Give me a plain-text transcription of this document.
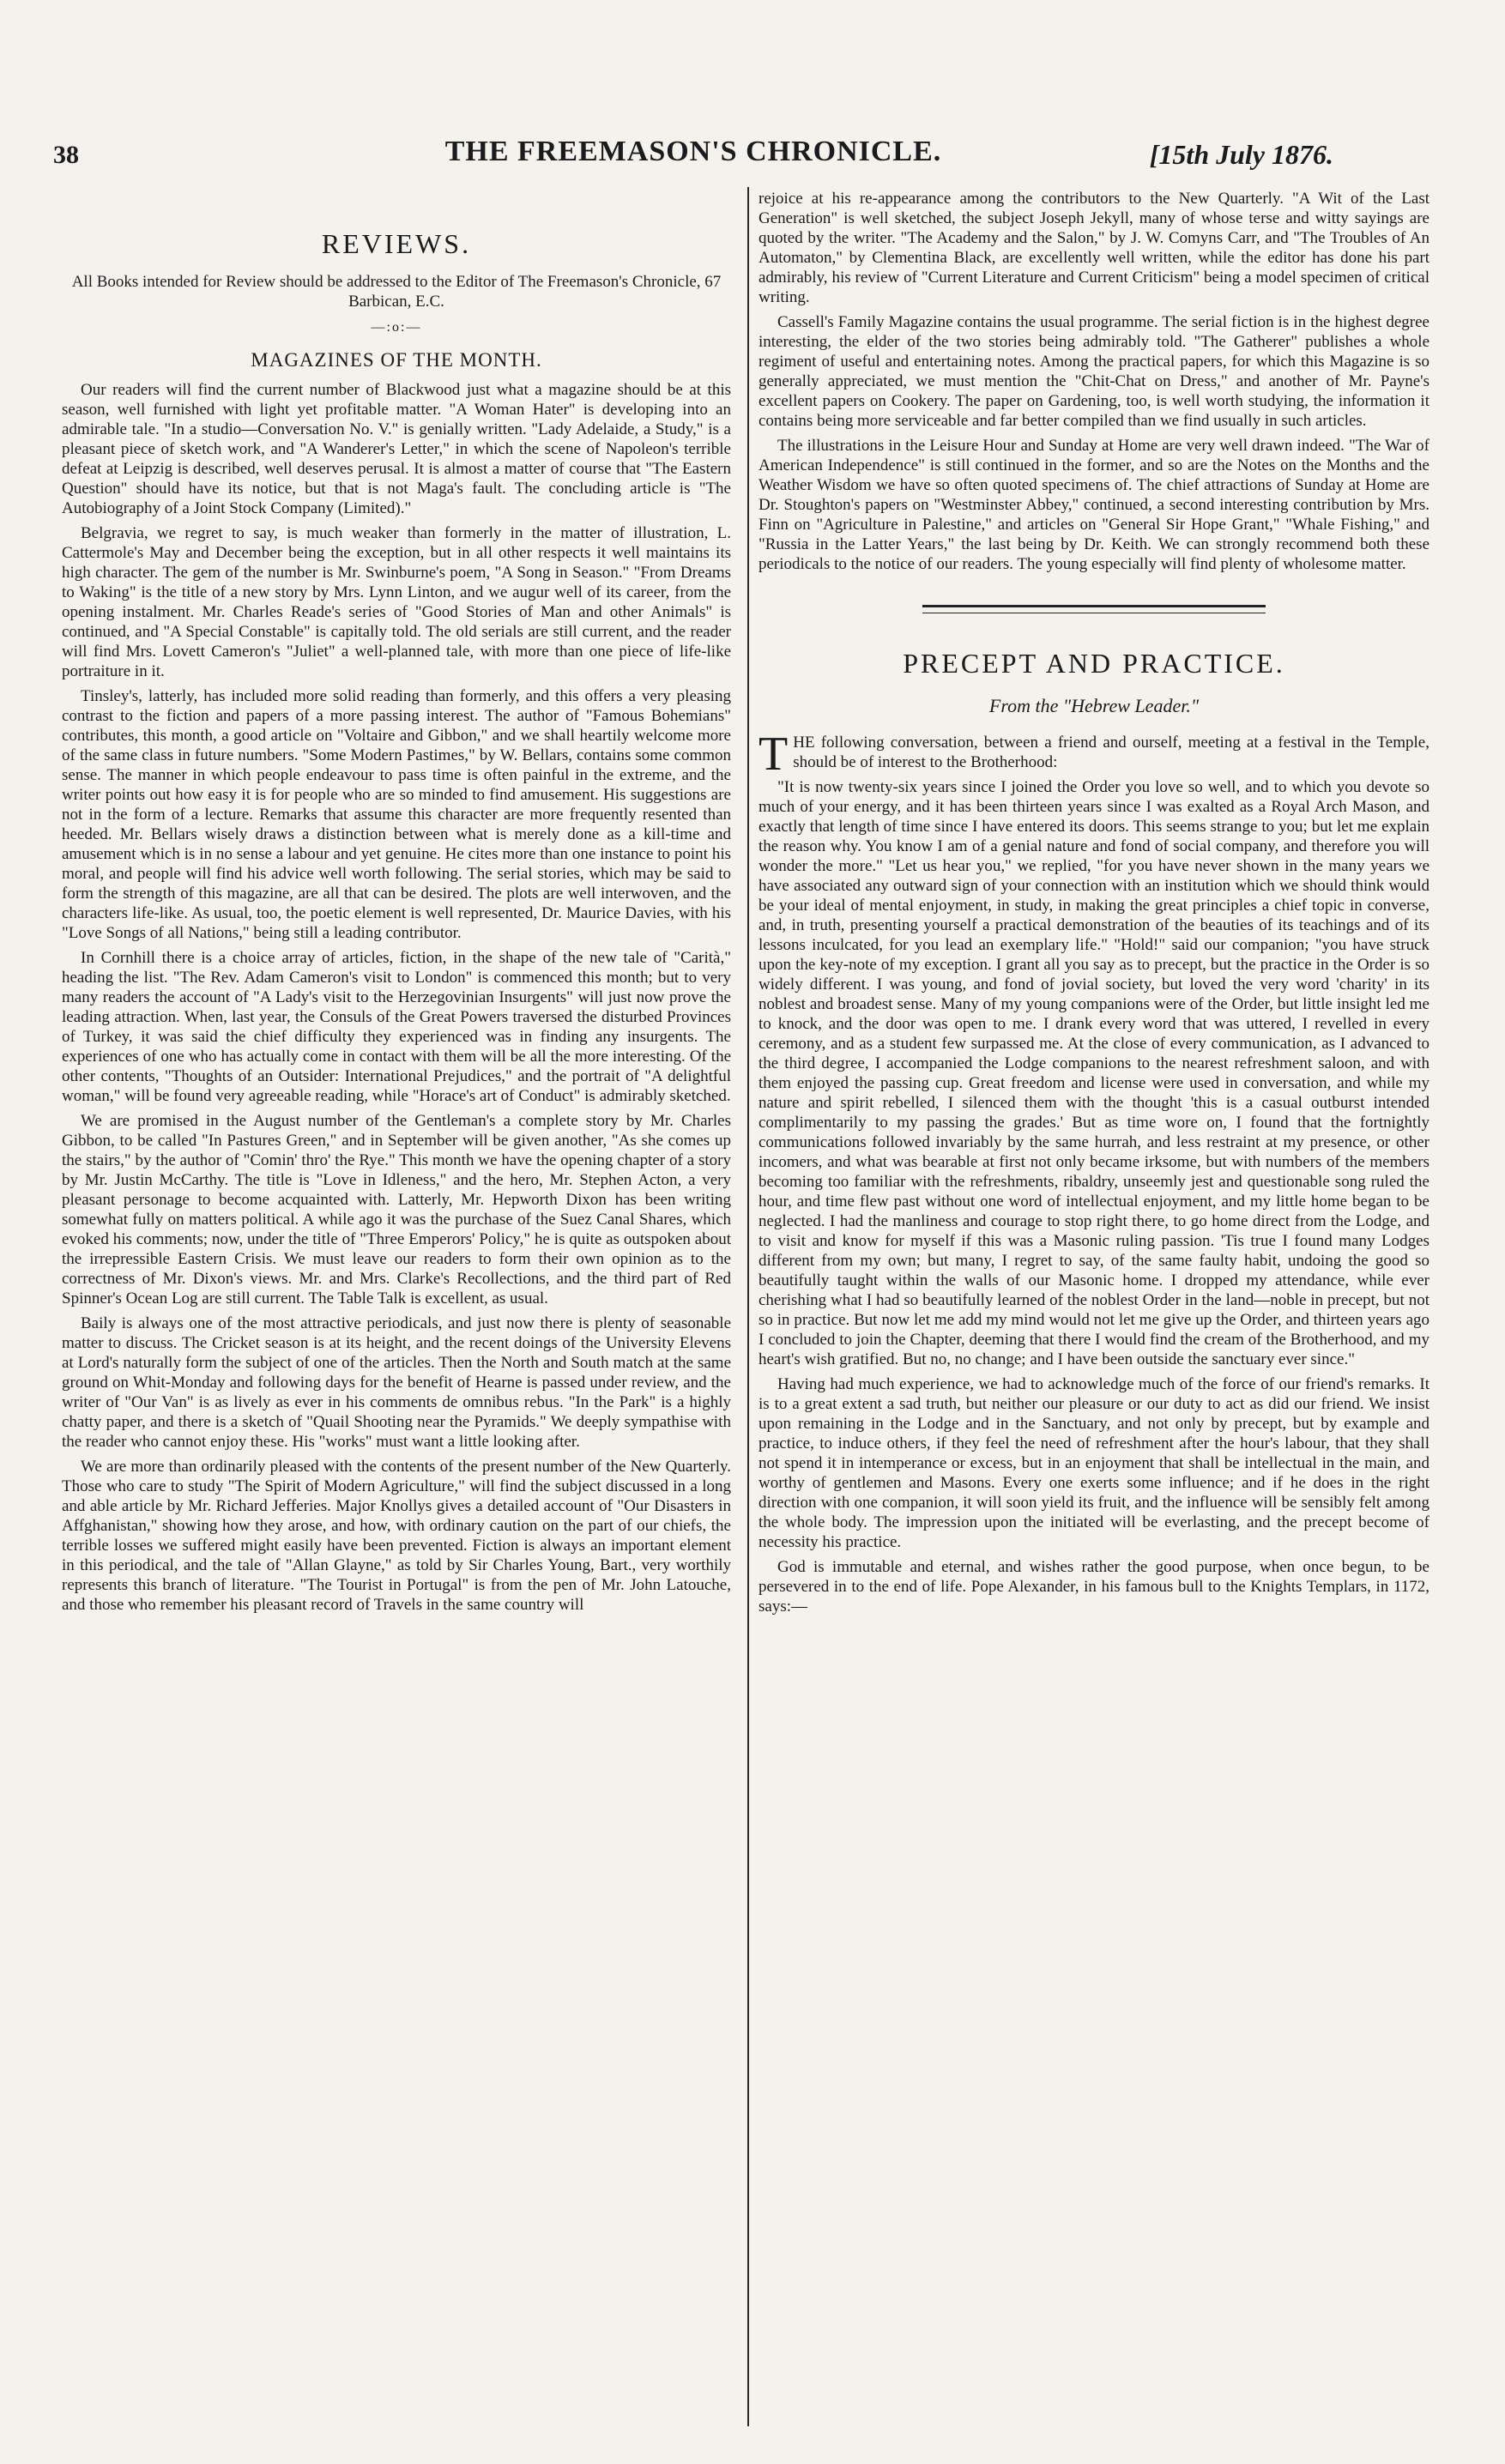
38	THE FREEMASON'S CHRONICLE.	[15th July 1876.
REVIEWS.
All Books intended for Review should be addressed to the Editor of The Freemason's Chronicle, 67 Barbican, E.C.
—:o:—
MAGAZINES OF THE MONTH.

Our readers will find the current number of Blackwood just what a magazine should be at this season, well furnished with light yet profitable matter. "A Woman Hater" is developing into an admirable tale. "In a studio—Conversation No. V." is genially written. "Lady Adelaide, a Study," is a pleasant piece of sketch work, and "A Wanderer's Letter," in which the scene of Napoleon's terrible defeat at Leipzig is described, well deserves perusal. It is almost a matter of course that "The Eastern Question" should have its notice, but that is not Maga's fault. The concluding article is "The Autobiography of a Joint Stock Company (Limited)."

Belgravia, we regret to say, is much weaker than formerly in the matter of illustration, L. Cattermole's May and December being the exception, but in all other respects it well maintains its high character. The gem of the number is Mr. Swinburne's poem, "A Song in Season." "From Dreams to Waking" is the title of a new story by Mrs. Lynn Linton, and we augur well of its career, from the opening instalment. Mr. Charles Reade's series of "Good Stories of Man and other Animals" is continued, and "A Special Constable" is capitally told. The old serials are still current, and the reader will find Mrs. Lovett Cameron's "Juliet" a well-planned tale, with more than one piece of life-like portraiture in it.

Tinsley's, latterly, has included more solid reading than formerly, and this offers a very pleasing contrast to the fiction and papers of a more passing interest. The author of "Famous Bohemians" contributes, this month, a good article on "Voltaire and Gibbon," and we shall heartily welcome more of the same class in future numbers. "Some Modern Pastimes," by W. Bellars, contains some common sense. The manner in which people endeavour to pass time is often painful in the extreme, and the writer points out how easy it is for people who are so minded to find amusement. His suggestions are not in the form of a lecture. Remarks that assume this character are more frequently resented than heeded. Mr. Bellars wisely draws a distinction between what is merely done as a kill-time and amusement which is in no sense a labour and yet genuine. He cites more than one instance to point his moral, and people will find his advice well worth following. The serial stories, which may be said to form the strength of this magazine, are all that can be desired. The plots are well interwoven, and the characters life-like. As usual, too, the poetic element is well represented, Dr. Maurice Davies, with his "Love Songs of all Nations," being still a leading contributor.

In Cornhill there is a choice array of articles, fiction, in the shape of the new tale of "Carità," heading the list. "The Rev. Adam Cameron's visit to London" is commenced this month; but to very many readers the account of "A Lady's visit to the Herzegovinian Insurgents" will just now prove the leading attraction. When, last year, the Consuls of the Great Powers traversed the disturbed Provinces of Turkey, it was said the chief difficulty they experienced was in finding any insurgents. The experiences of one who has actually come in contact with them will be all the more interesting. Of the other contents, "Thoughts of an Outsider: International Prejudices," and the portrait of "A delightful woman," will be found very agreeable reading, while "Horace's art of Conduct" is admirably sketched.

We are promised in the August number of the Gentleman's a complete story by Mr. Charles Gibbon, to be called "In Pastures Green," and in September will be given another, "As she comes up the stairs," by the author of "Comin' thro' the Rye." This month we have the opening chapter of a story by Mr. Justin McCarthy. The title is "Love in Idleness," and the hero, Mr. Stephen Acton, a very pleasant personage to become acquainted with. Latterly, Mr. Hepworth Dixon has been writing somewhat fully on matters political. A while ago it was the purchase of the Suez Canal Shares, which evoked his comments; now, under the title of "Three Emperors' Policy," he is quite as outspoken about the irrepressible Eastern Crisis. We must leave our readers to form their own opinion as to the correctness of Mr. Dixon's views. Mr. and Mrs. Clarke's Recollections, and the third part of Red Spinner's Ocean Log are still current. The Table Talk is excellent, as usual.

Baily is always one of the most attractive periodicals, and just now there is plenty of seasonable matter to discuss. The Cricket season is at its height, and the recent doings of the University Elevens at Lord's naturally form the subject of one of the articles. Then the North and South match at the same ground on Whit-Monday and following days for the benefit of Hearne is passed under review, and the writer of "Our Van" is as lively as ever in his comments de omnibus rebus. "In the Park" is a highly chatty paper, and there is a sketch of "Quail Shooting near the Pyramids." We deeply sympathise with the reader who cannot enjoy these. His "works" must want a little looking after.

We are more than ordinarily pleased with the contents of the present number of the New Quarterly. Those who care to study "The Spirit of Modern Agriculture," will find the subject discussed in a long and able article by Mr. Richard Jefferies. Major Knollys gives a detailed account of "Our Disasters in Affghanistan," showing how they arose, and how, with ordinary caution on the part of our chiefs, the terrible losses we suffered might easily have been prevented. Fiction is always an important element in this periodical, and the tale of "Allan Glayne," as told by Sir Charles Young, Bart., very worthily represents this branch of literature. "The Tourist in Portugal" is from the pen of Mr. John Latouche, and those who remember his pleasant record of Travels in the same country will

rejoice at his re-appearance among the contributors to the New Quarterly. "A Wit of the Last Generation" is well sketched, the subject Joseph Jekyll, many of whose terse and witty sayings are quoted by the writer. "The Academy and the Salon," by J. W. Comyns Carr, and "The Troubles of An Automaton," by Clementina Black, are excellently well written, while the editor has done his part admirably, his review of "Current Literature and Current Criticism" being a model specimen of critical writing.

Cassell's Family Magazine contains the usual programme. The serial fiction is in the highest degree interesting, the elder of the two stories being admirably told. "The Gatherer" publishes a whole regiment of useful and entertaining notes. Among the practical papers, for which this Magazine is so generally appreciated, we must mention the "Chit-Chat on Dress," and another of Mr. Payne's excellent papers on Cookery. The paper on Gardening, too, is well worth studying, the information it contains being more serviceable and far better compiled than we find usually in such articles.

The illustrations in the Leisure Hour and Sunday at Home are very well drawn indeed. "The War of American Independence" is still continued in the former, and so are the Notes on the Months and the Weather Wisdom we have so often quoted specimens of. The chief attractions of Sunday at Home are Dr. Stoughton's papers on "Westminster Abbey," continued, a second interesting contribution by Mrs. Finn on "Agriculture in Palestine," and articles on "General Sir Hope Grant," "Whale Fishing," and "Russia in the Latter Years," the last being by Dr. Keith. We can strongly recommend both these periodicals to the notice of our readers. The young especially will find plenty of wholesome matter.

PRECEPT AND PRACTICE.
From the "Hebrew Leader."

THE following conversation, between a friend and ourself, meeting at a festival in the Temple, should be of interest to the Brotherhood:

"It is now twenty-six years since I joined the Order you love so well, and to which you devote so much of your energy, and it has been thirteen years since I was exalted as a Royal Arch Mason, and exactly that length of time since I have entered its doors. This seems strange to you; but let me explain the reason why. You know I am of a genial nature and fond of social company, and therefore you will wonder the more." "Let us hear you," we replied, "for you have never shown in the many years we have associated any outward sign of your connection with an institution which we should think would be your ideal of mental enjoyment, in study, in making the great principles a chief topic in converse, and, in truth, presenting yourself a practical demonstration of the beauties of its teachings and of its lessons inculcated, for you lead an exemplary life." "Hold!" said our companion; "you have struck upon the key-note of my exception. I grant all you say as to precept, but the practice in the Order is so widely different. I was young, and fond of jovial society, but loved the very word 'charity' in its noblest and broadest sense. Many of my young companions were of the Order, but little insight led me to knock, and the door was open to me. I drank every word that was uttered, I revelled in every ceremony, and as a student few surpassed me. At the close of every communication, as I advanced to the third degree, I accompanied the Lodge companions to the nearest refreshment saloon, and with them enjoyed the passing cup. Great freedom and license were used in conversation, and while my nature and spirit rebelled, I silenced them with the thought 'this is a casual outburst intended complimentarily to my passing the grades.' But as time wore on, I found that the fortnightly communications followed invariably by the same hurrah, and less restraint at my presence, or other incomers, and what was bearable at first not only became irksome, but with numbers of the members becoming too familiar with the refreshments, ribaldry, unseemly jest and questionable song ruled the hour, and time flew past without one word of intellectual enjoyment, and my little home began to be neglected. I had the manliness and courage to stop right there, to go home direct from the Lodge, and to visit and know for myself if this was a Masonic ruling passion. 'Tis true I found many Lodges different from my own; but many, I regret to say, of the same faulty habit, undoing the good so beautifully taught within the walls of our Masonic home. I dropped my attendance, while ever cherishing what I had so beautifully learned of the noblest Order in the land—noble in precept, but not so in practice. But now let me add my mind would not let me give up the Order, and thirteen years ago I concluded to join the Chapter, deeming that there I would find the cream of the Brotherhood, and my heart's wish gratified. But no, no change; and I have been outside the sanctuary ever since."

Having had much experience, we had to acknowledge much of the force of our friend's remarks. It is to a great extent a sad truth, but neither our pleasure or our duty to act as did our friend. We insist upon remaining in the Lodge and in the Sanctuary, and not only by precept, but by example and practice, to induce others, if they feel the need of refreshment after the hour's labour, that they shall not spend it in intemperance or excess, but in an enjoyment that shall be intellectual in the main, and worthy of gentlemen and Masons. Every one exerts some influence; and if he does in the right direction with one companion, it will soon yield its fruit, and the influence will be sensibly felt among the whole body. The impression upon the initiated will be everlasting, and the precept become of necessity his practice.

God is immutable and eternal, and wishes rather the good purpose, when once begun, to be persevered in to the end of life. Pope Alexander, in his famous bull to the Knights Templars, in 1172, says:—
